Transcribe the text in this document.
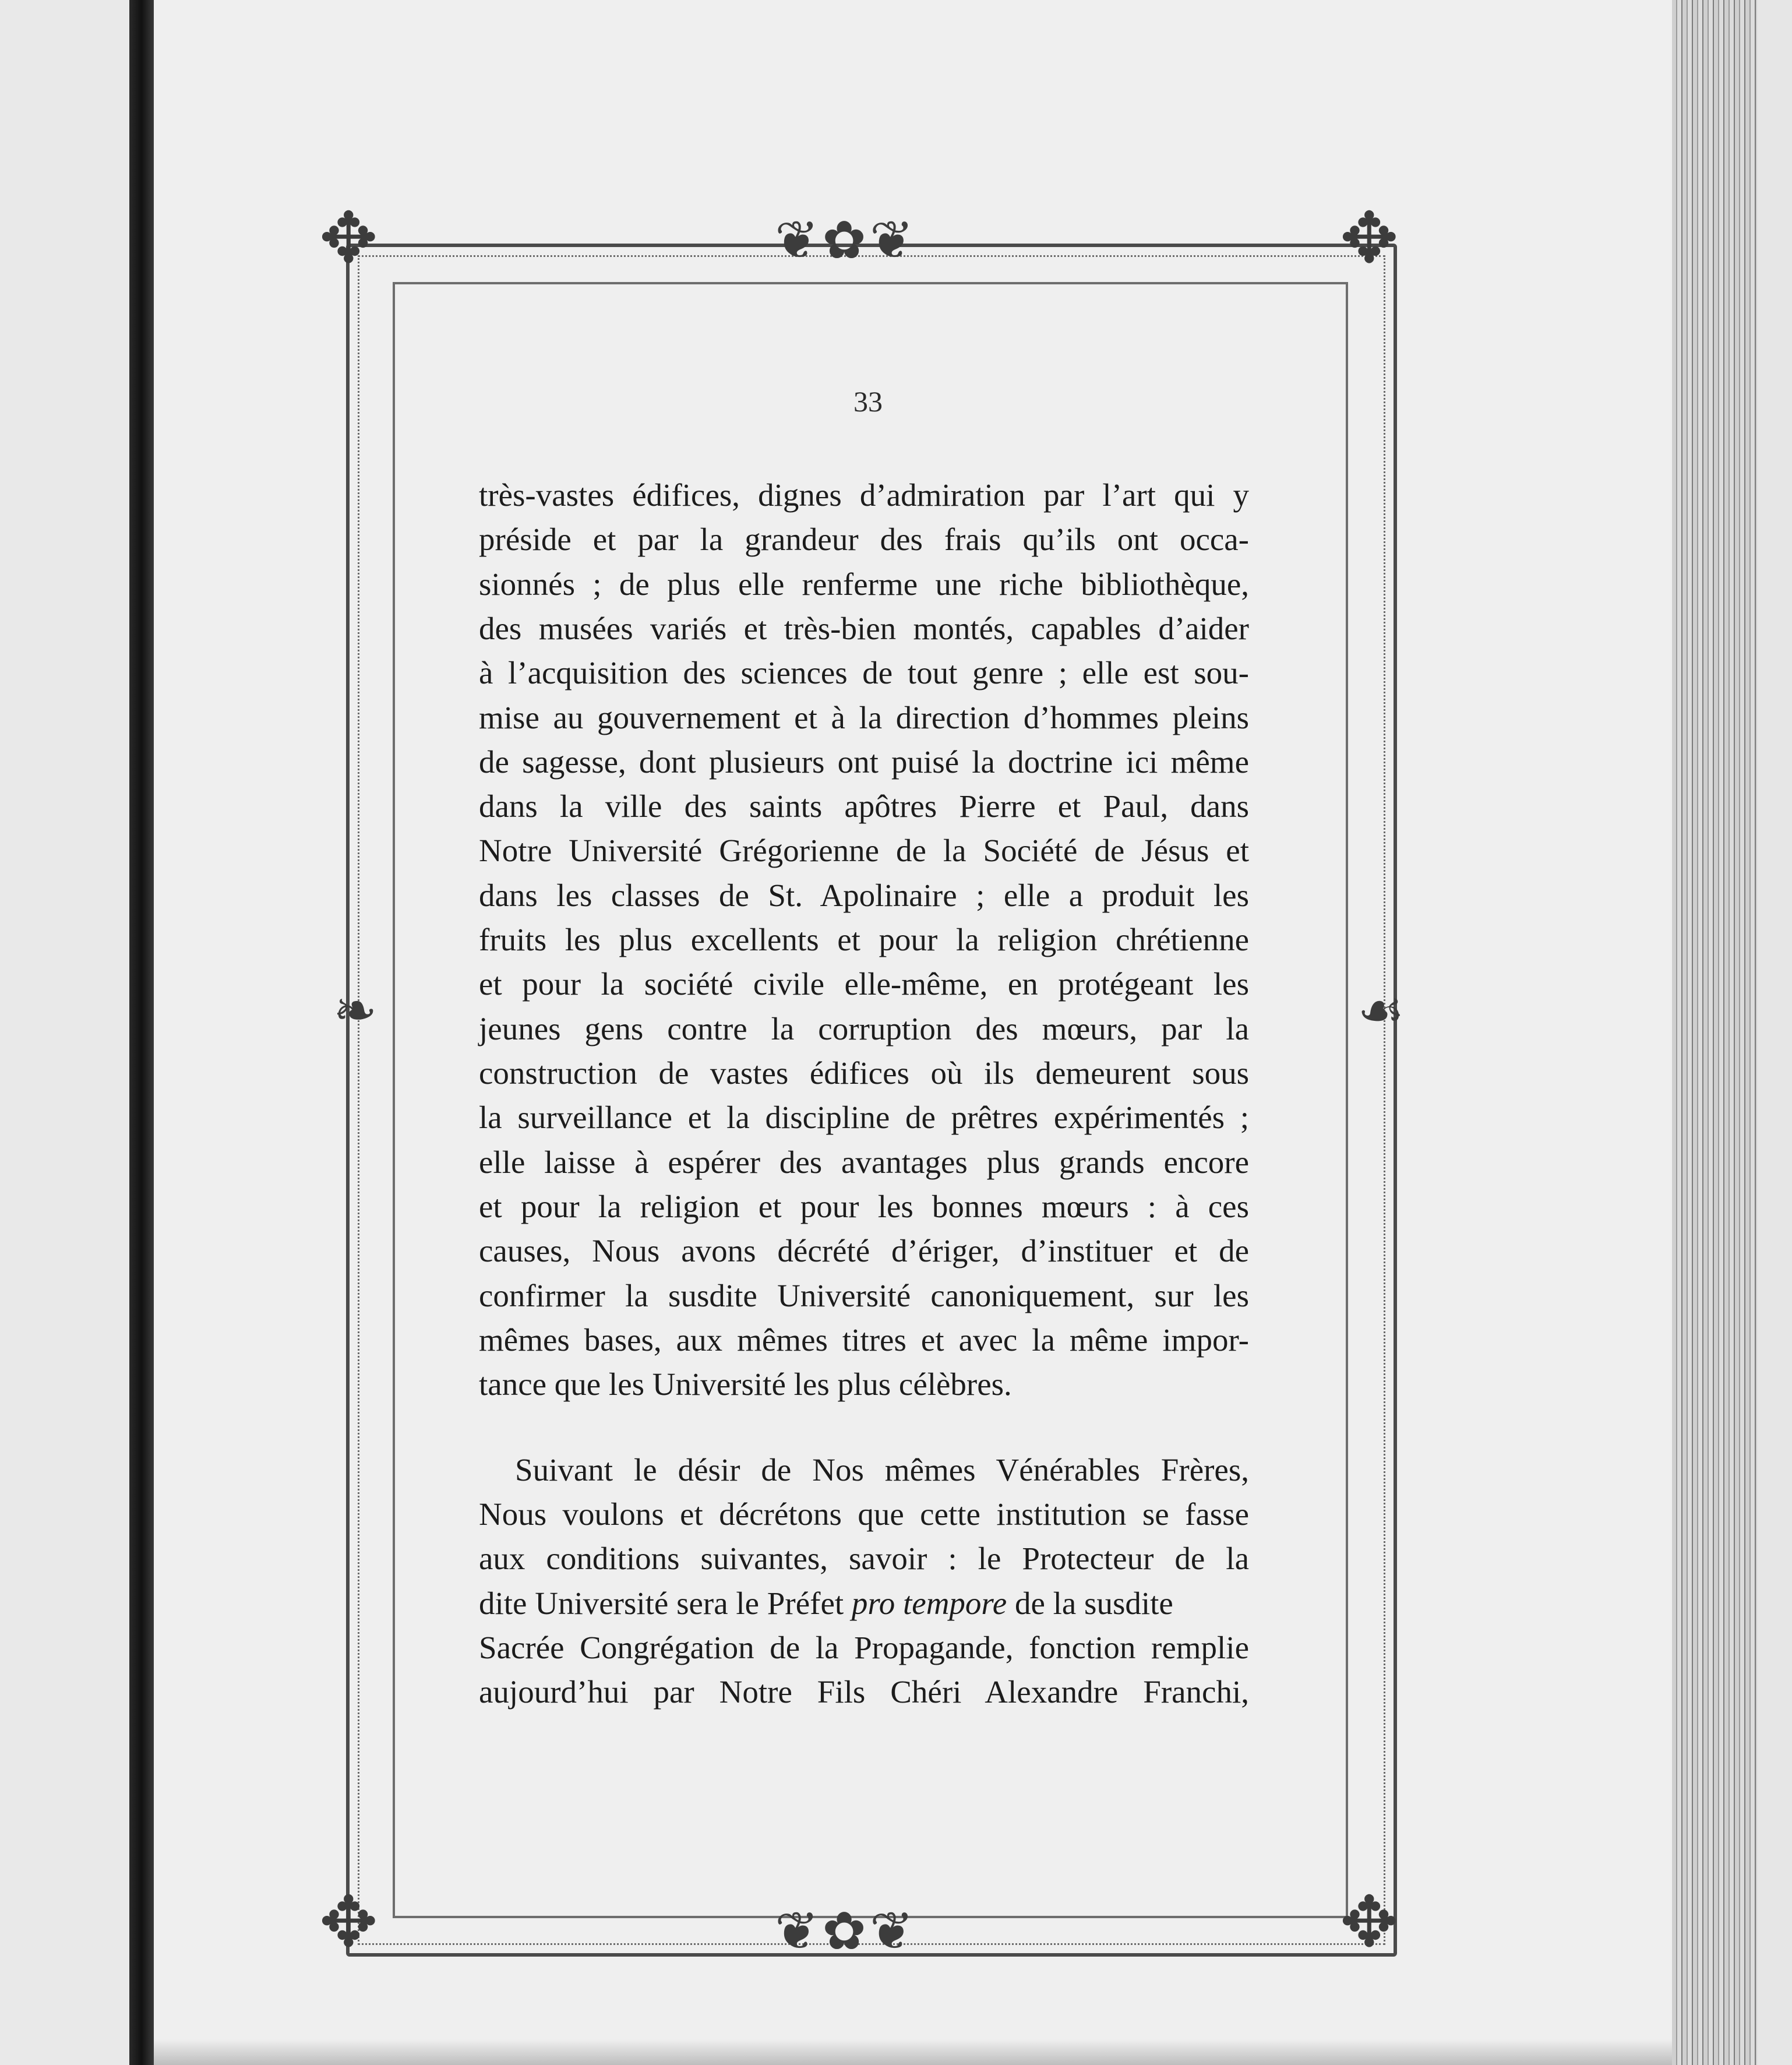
✥	✥
✥	✥
❦✿❦
❦✿❦
❧	☙
33
très-vastes édifices, dignes d’admiration par l’art qui y
préside et par la grandeur des frais qu’ils ont occa-
sionnés ; de plus elle renferme une riche bibliothèque,
des musées variés et très-bien montés, capables d’aider
à l’acquisition des sciences de tout genre ; elle est sou-
mise au gouvernement et à la direction d’hommes pleins
de sagesse, dont plusieurs ont puisé la doctrine ici même
dans la ville des saints apôtres Pierre et Paul, dans
Notre Université Grégorienne de la Société de Jésus et
dans les classes de St. Apolinaire ; elle a produit les
fruits les plus excellents et pour la religion chrétienne
et pour la société civile elle-même, en protégeant les
jeunes gens contre la corruption des mœurs, par la
construction de vastes édifices où ils demeurent sous
la surveillance et la discipline de prêtres expérimentés ;
elle laisse à espérer des avantages plus grands encore
et pour la religion et pour les bonnes mœurs : à ces
causes, Nous avons décrété d’ériger, d’instituer et de
confirmer la susdite Université canoniquement, sur les
mêmes bases, aux mêmes titres et avec la même impor-
tance que les Université les plus célèbres.
Suivant le désir de Nos mêmes Vénérables Frères,
Nous voulons et décrétons que cette institution se fasse
aux conditions suivantes, savoir : le Protecteur de la
dite Université sera le Préfet pro tempore de la susdite
Sacrée Congrégation de la Propagande, fonction remplie
aujourd’hui par Notre Fils Chéri Alexandre Franchi,
